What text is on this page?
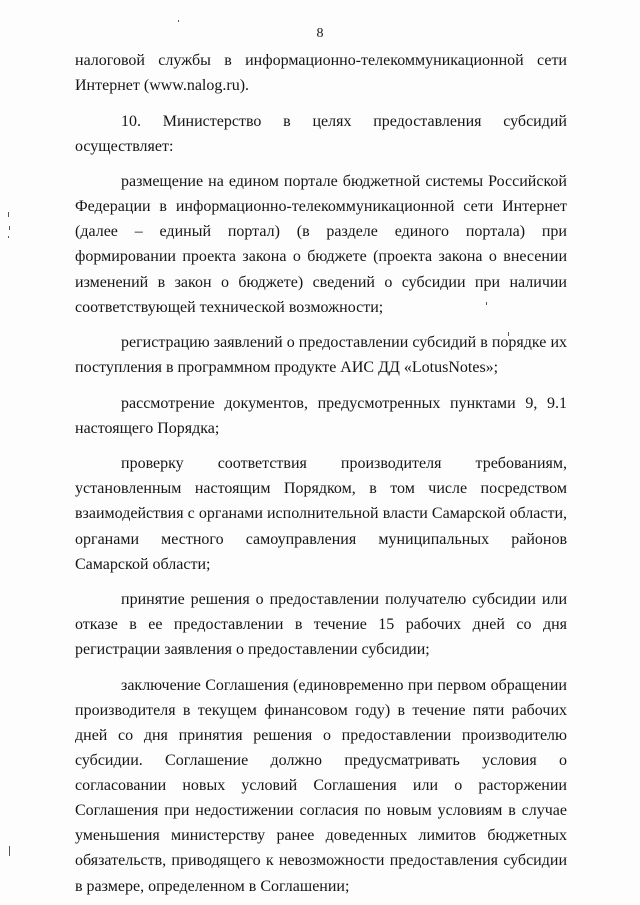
8

налоговой службы в информационно-телекоммуникационной сети Интернет (www.nalog.ru).

10. Министерство в целях предоставления субсидий осуществляет:

размещение на едином портале бюджетной системы Российской Федерации в информационно-телекоммуникационной сети Интернет (далее – единый портал) (в разделе единого портала) при формировании проекта закона о бюджете (проекта закона о внесении изменений в закон о бюджете) сведений о субсидии при наличии соответствующей технической возможности;

регистрацию заявлений о предоставлении субсидий в порядке их поступления в программном продукте АИС ДД «LotusNotes»;

рассмотрение документов, предусмотренных пунктами 9, 9.1 настоящего Порядка;

проверку соответствия производителя требованиям, установленным настоящим Порядком, в том числе посредством взаимодействия с органами исполнительной власти Самарской области, органами местного самоуправления муниципальных районов Самарской области;

принятие решения о предоставлении получателю субсидии или отказе в ее предоставлении в течение 15 рабочих дней со дня регистрации заявления о предоставлении субсидии;

заключение Соглашения (единовременно при первом обращении производителя в текущем финансовом году) в течение пяти рабочих дней со дня принятия решения о предоставлении производителю субсидии. Соглашение должно предусматривать условия о согласовании новых условий Соглашения или о расторжении Соглашения при недостижении согласия по новым условиям в случае уменьшения министерству ранее доведенных лимитов бюджетных обязательств, приводящего к невозможности предоставления субсидии в размере, определенном в Соглашении;
